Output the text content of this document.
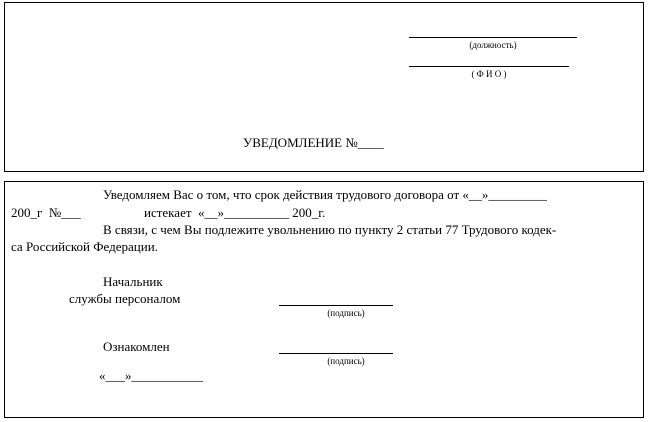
(должность)
( Ф И О )
УВЕДОМЛЕНИЕ №____
Уведомляем Вас о том, что срок действия трудового договора от «__»_________
200_г  №___	истекает  «__»__________ 200_г.
В связи, с чем Вы подлежите увольнению по пункту 2 статьи 77 Трудового кодек-
са Российской Федерации.
Начальник
службы персоналом
(подпись)
Ознакомлен
(подпись)
«___»___________
